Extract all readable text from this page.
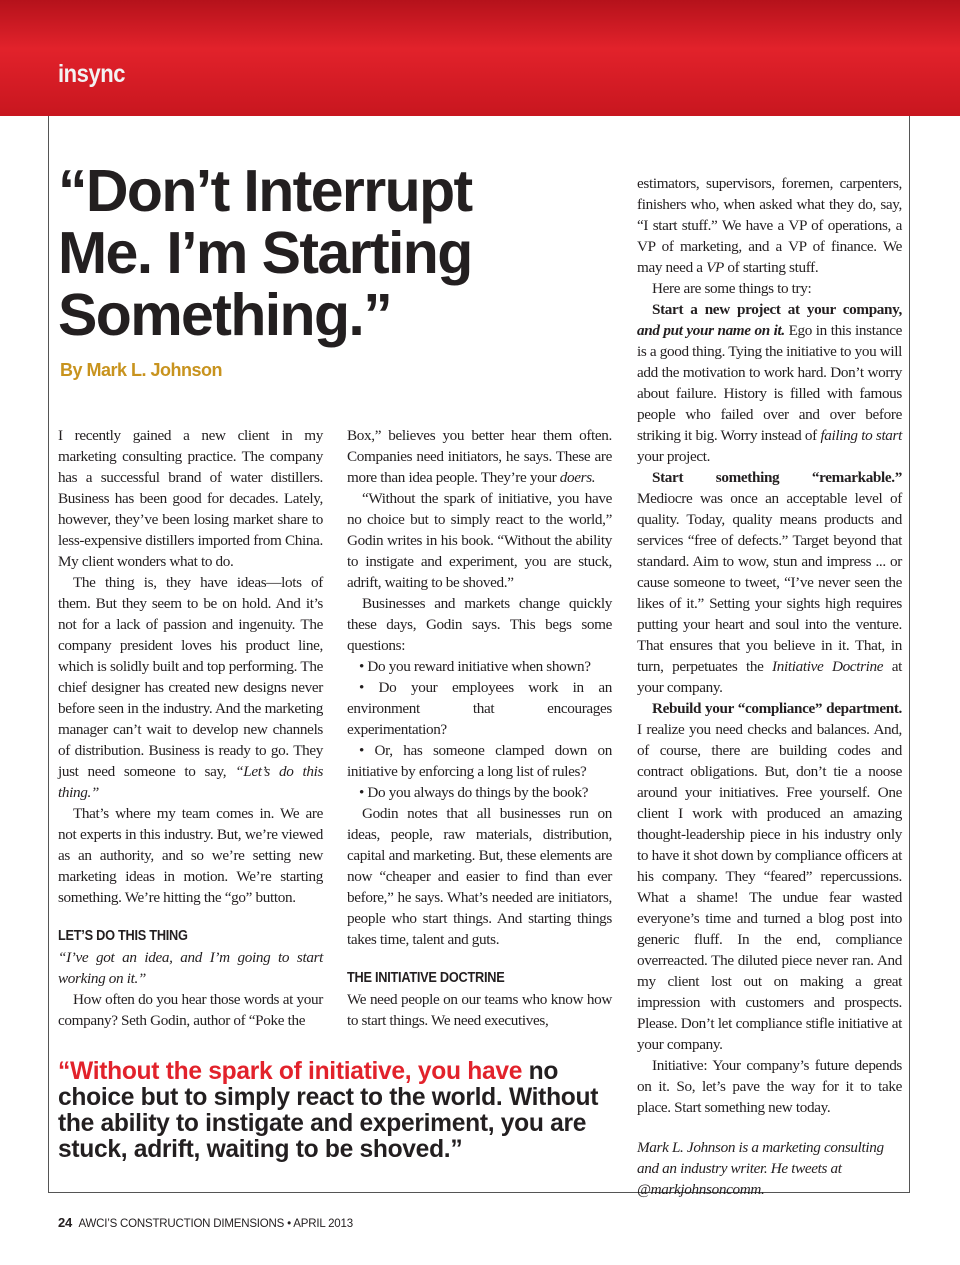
insync
“Don’t Interrupt Me. I’m Starting Something.”
By Mark L. Johnson

I recently gained a new client in my marketing consulting practice. The company has a successful brand of water distillers. Business has been good for decades. Lately, however, they’ve been losing market share to less-expensive distillers imported from China. My client wonders what to do.

The thing is, they have ideas—lots of them. But they seem to be on hold. And it’s not for a lack of passion and ingenuity. The company president loves his product line, which is solidly built and top performing. The chief designer has created new designs never before seen in the industry. And the marketing manager can’t wait to develop new channels of distribution. Business is ready to go. They just need someone to say, “Let’s do this thing.”

That’s where my team comes in. We are not experts in this industry. But, we’re viewed as an authority, and so we’re setting new marketing ideas in motion. We’re starting something. We’re hitting the “go” button.

LET’S DO THIS THING

“I’ve got an idea, and I’m going to start working on it.”

How often do you hear those words at your company? Seth Godin, author of “Poke the

Box,” believes you better hear them often. Companies need initiators, he says. These are more than idea people. They’re your doers.

“Without the spark of initiative, you have no choice but to simply react to the world,” Godin writes in his book. “Without the ability to instigate and experiment, you are stuck, adrift, waiting to be shoved.”

Businesses and markets change quickly these days, Godin says. This begs some questions:

• Do you reward initiative when shown?

• Do your employees work in an environment that encourages experimentation?

• Or, has someone clamped down on initiative by enforcing a long list of rules?

• Do you always do things by the book?

Godin notes that all businesses run on ideas, people, raw materials, distribution, capital and marketing. But, these elements are now “cheaper and easier to find than ever before,” he says. What’s needed are initiators, people who start things. And starting things takes time, talent and guts.

THE INITIATIVE DOCTRINE

We need people on our teams who know how to start things. We need executives,

estimators, supervisors, foremen, carpenters, finishers who, when asked what they do, say, “I start stuff.” We have a VP of operations, a VP of marketing, and a VP of finance. We may need a VP of starting stuff.

Here are some things to try:

Start a new project at your company, and put your name on it. Ego in this instance is a good thing. Tying the initiative to you will add the motivation to work hard. Don’t worry about failure. History is filled with famous people who failed over and over before striking it big. Worry instead of failing to start your project.

Start something “remarkable.” Mediocre was once an acceptable level of quality. Today, quality means products and services “free of defects.” Target beyond that standard. Aim to wow, stun and impress ... or cause someone to tweet, “I’ve never seen the likes of it.” Setting your sights high requires putting your heart and soul into the venture. That ensures that you believe in it. That, in turn, perpetuates the Initiative Doctrine at your company.

Rebuild your “compliance” department. I realize you need checks and balances. And, of course, there are building codes and contract obligations. But, don’t tie a noose around your initiatives. Free yourself. One client I work with produced an amazing thought-leadership piece in his industry only to have it shot down by compliance officers at his company. They “feared” repercussions. What a shame! The undue fear wasted everyone’s time and turned a blog post into generic fluff. In the end, compliance overreacted. The diluted piece never ran. And my client lost out on making a great impression with customers and prospects. Please. Don’t let compliance stifle initiative at your company.

Initiative: Your company’s future depends on it. So, let’s pave the way for it to take place. Start something new today.

Mark L. Johnson is a marketing consulting and an industry writer. He tweets at @markjohnsoncomm.

“Without the spark of initiative, you have no choice but to simply react to the world. Without the ability to instigate and experiment, you are stuck, adrift, waiting to be shoved.”

24 AWCI’S CONSTRUCTION DIMENSIONS • APRIL 2013
